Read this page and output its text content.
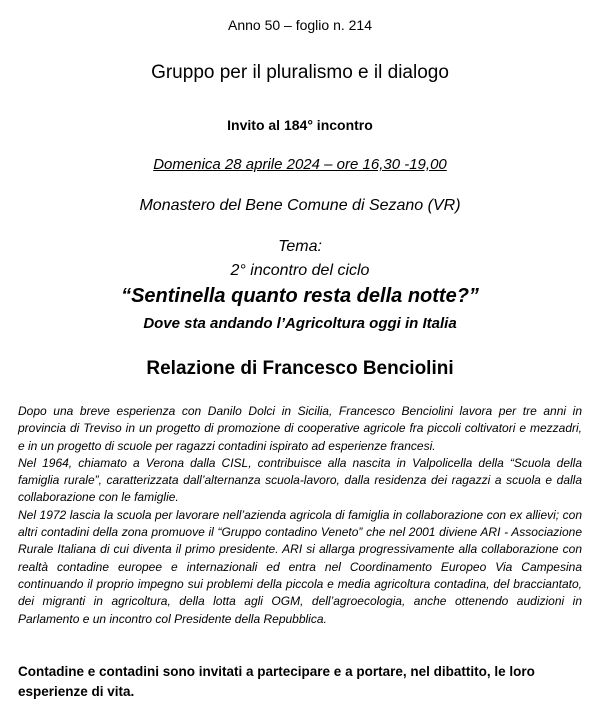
Anno 50 – foglio n. 214
Gruppo per il pluralismo e il dialogo
Invito al 184° incontro
Domenica 28 aprile 2024 – ore 16,30 -19,00
Monastero del Bene Comune di Sezano (VR)
Tema:
2° incontro del ciclo
“Sentinella quanto resta della notte?”
Dove sta andando l’Agricoltura oggi in Italia
Relazione di Francesco Benciolini

Dopo una breve esperienza con Danilo Dolci in Sicilia, Francesco Benciolini lavora per tre anni in provincia di Treviso in un progetto di promozione di cooperative agricole fra piccoli coltivatori e mezzadri, e in un progetto di scuole per ragazzi contadini ispirato ad esperienze francesi.

Nel 1964, chiamato a Verona dalla CISL, contribuisce alla nascita in Valpolicella della “Scuola della famiglia rurale”, caratterizzata dall’alternanza scuola-lavoro, dalla residenza dei ragazzi a scuola e dalla collaborazione con le famiglie.

Nel 1972 lascia la scuola per lavorare nell’azienda agricola di famiglia in collaborazione con ex allievi; con altri contadini della zona promuove il “Gruppo contadino Veneto” che nel 2001 diviene ARI - Associazione Rurale Italiana di cui diventa il primo presidente. ARI si allarga progressivamente alla collaborazione con realtà contadine europee e internazionali ed entra nel Coordinamento Europeo Via Campesina continuando il proprio impegno sui problemi della piccola e media agricoltura contadina, del bracciantato, dei migranti in agricoltura, della lotta agli OGM, dell’agroecologia, anche ottenendo audizioni in Parlamento e un incontro col Presidente della Repubblica.

Contadine e contadini sono invitati a partecipare e a portare, nel dibattito, le loro esperienze di vita.
